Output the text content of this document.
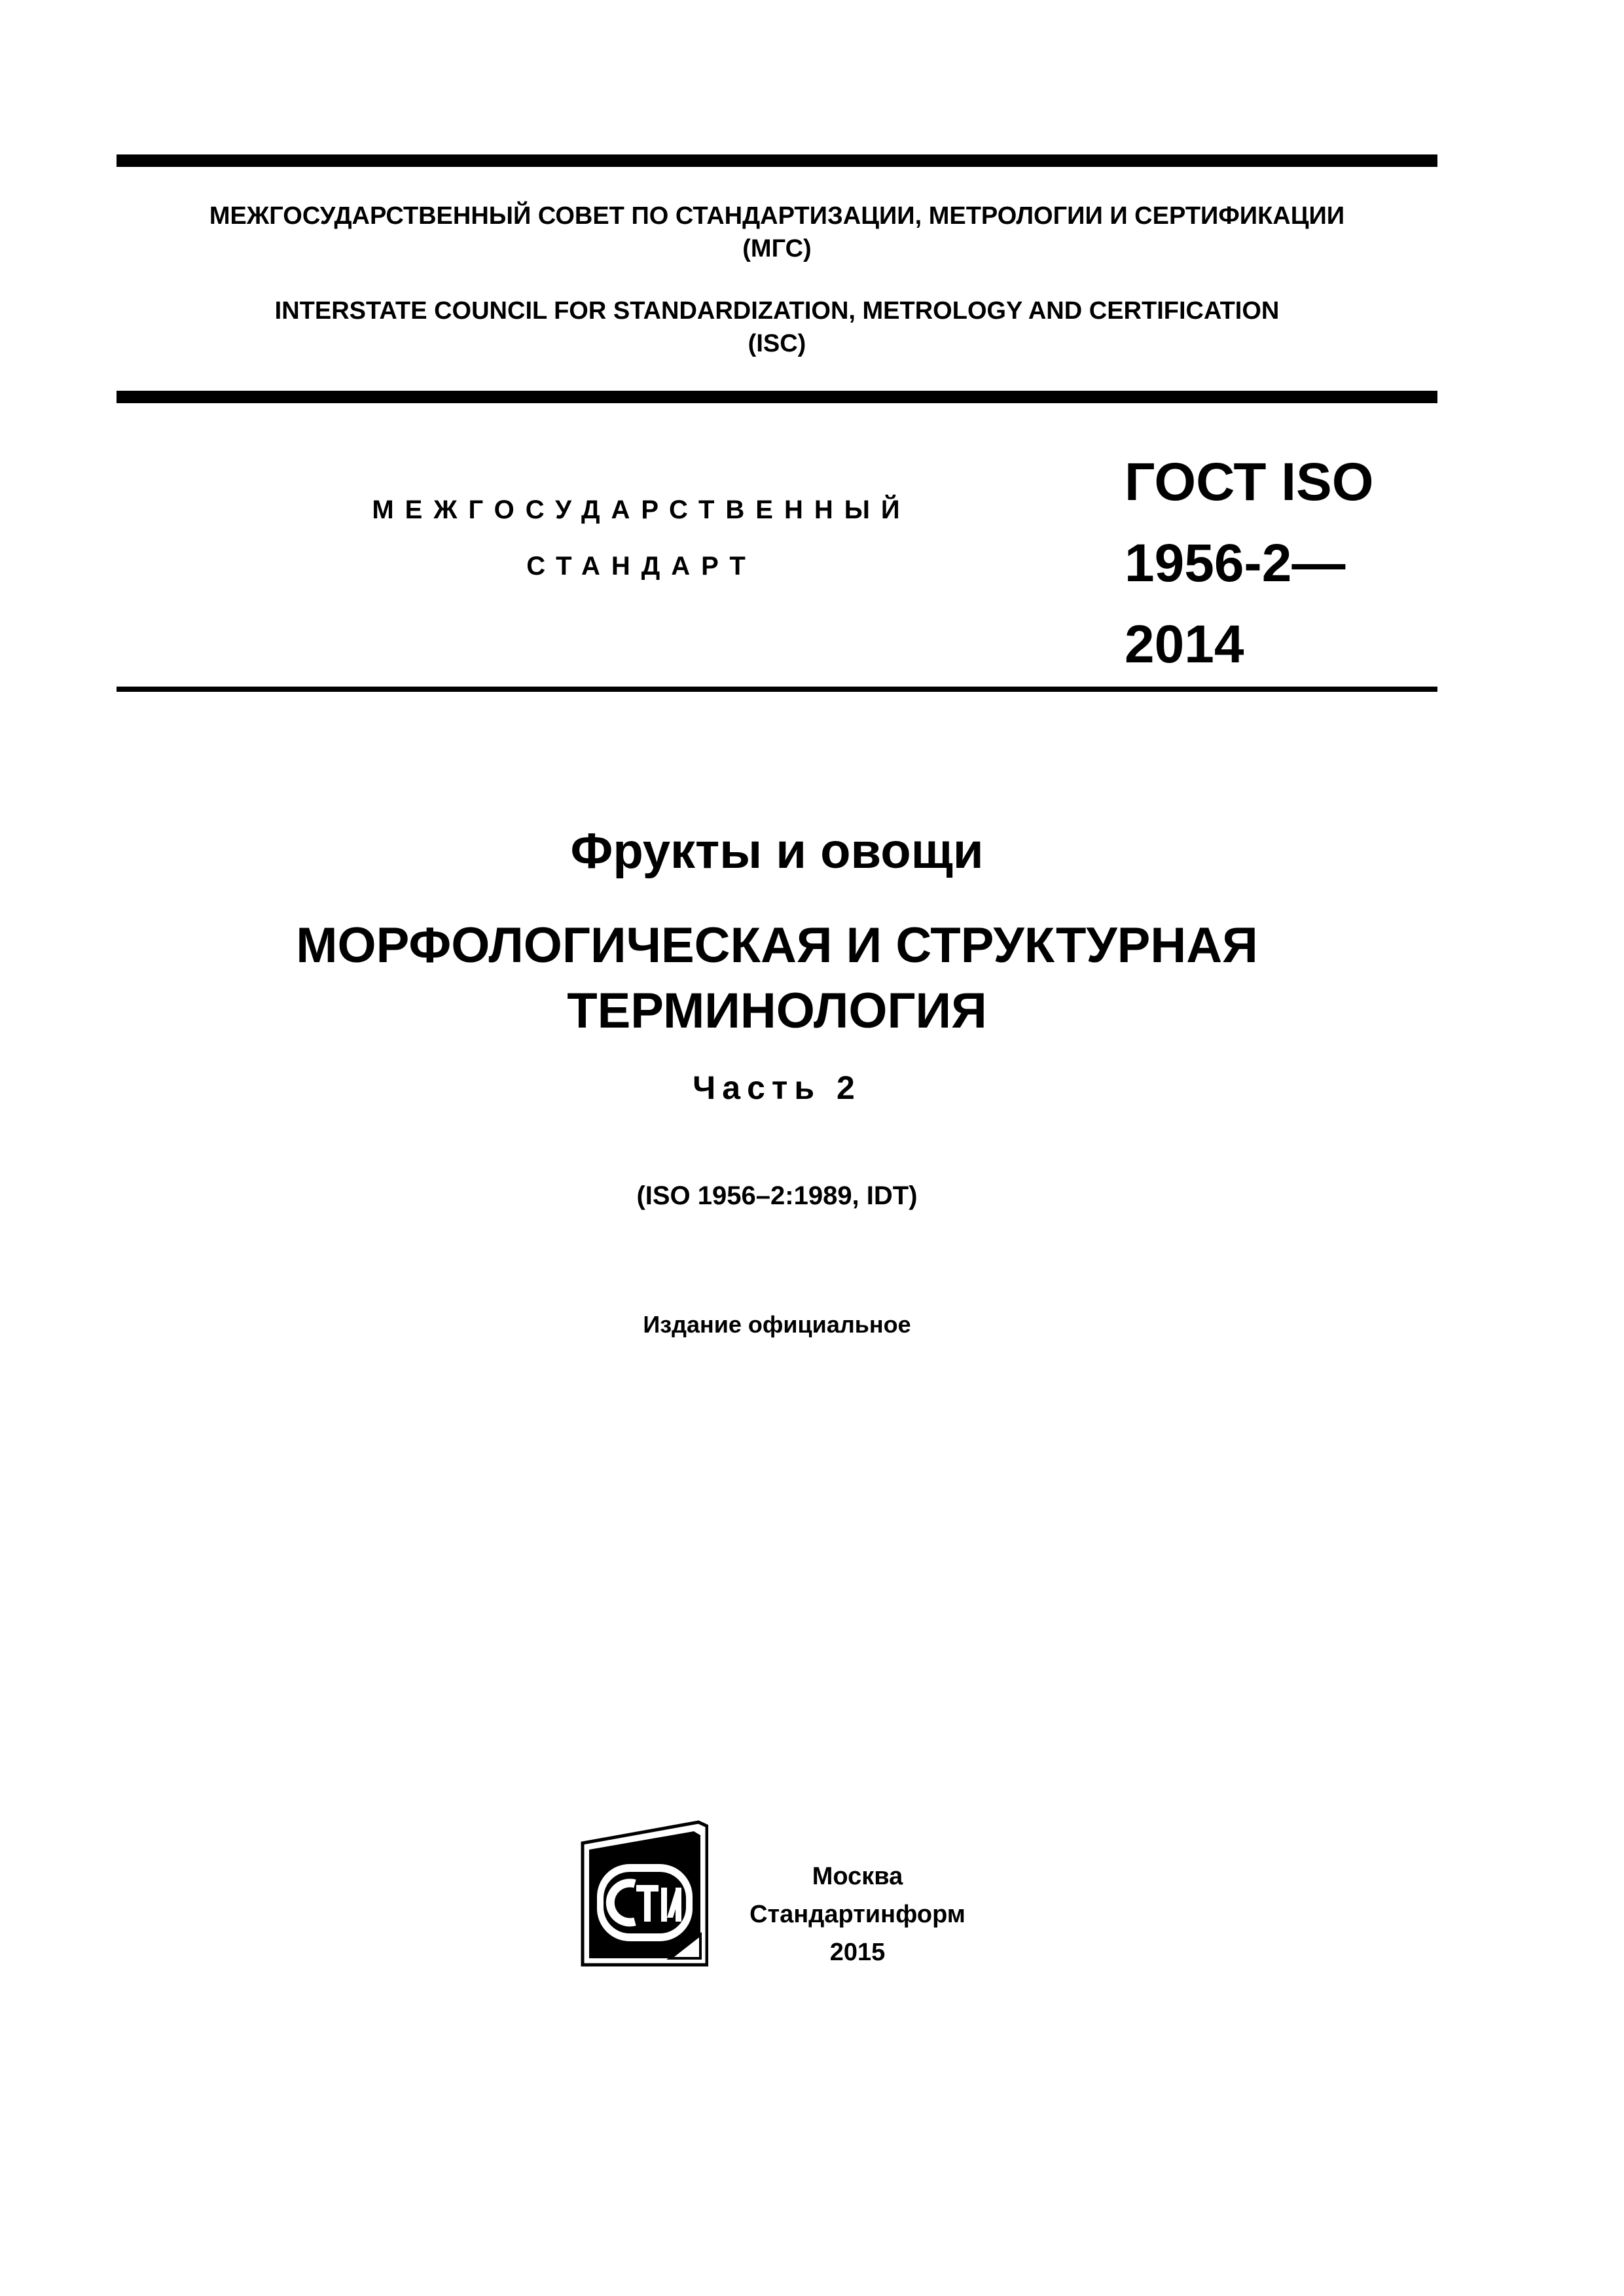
МЕЖГОСУДАРСТВЕННЫЙ СОВЕТ ПО СТАНДАРТИЗАЦИИ, МЕТРОЛОГИИ И СЕРТИФИКАЦИИ
(МГС)
INTERSTATE COUNCIL FOR STANDARDIZATION, METROLOGY AND CERTIFICATION
(ISC)
МЕЖГОСУДАРСТВЕННЫЙ
СТАНДАРТ
ГОСТ ISO
1956-2—
2014
Фрукты и овощи
МОРФОЛОГИЧЕСКАЯ И СТРУКТУРНАЯ
ТЕРМИНОЛОГИЯ
Часть 2
(ISO 1956–2:1989, IDT)
Издание официальное
Москва
Стандартинформ
2015
